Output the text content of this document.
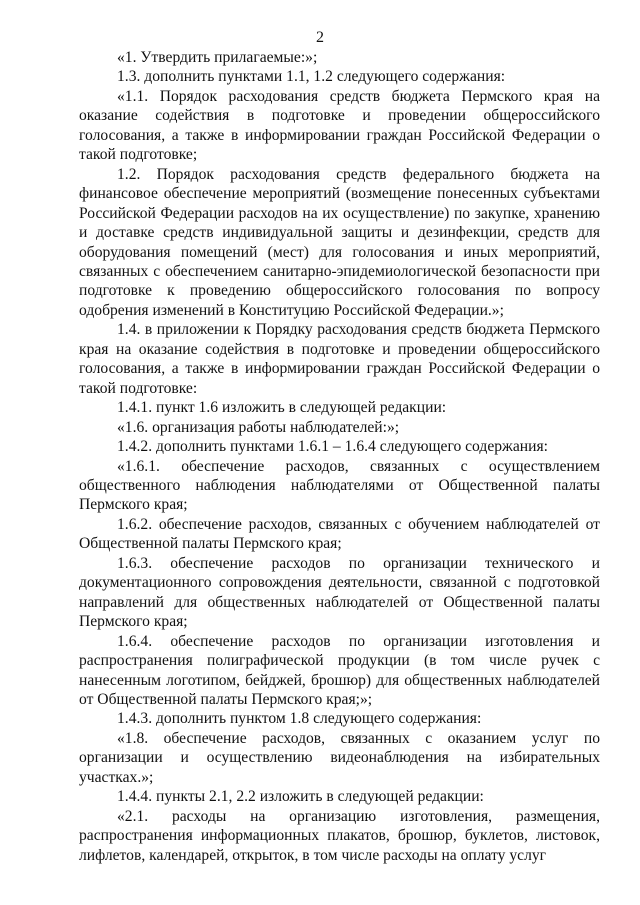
2

«1. Утвердить прилагаемые:»;

1.3. дополнить пунктами 1.1, 1.2 следующего содержания:

«1.1. Порядок расходования средств бюджета Пермского края на оказание содействия в подготовке и проведении общероссийского голосования, а также в информировании граждан Российской Федерации о такой подготовке;

1.2. Порядок расходования средств федерального бюджета на финансовое обеспечение мероприятий (возмещение понесенных субъектами Российской Федерации расходов на их осуществление) по закупке, хранению и доставке средств индивидуальной защиты и дезинфекции, средств для оборудования помещений (мест) для голосования и иных мероприятий, связанных с обеспечением санитарно-эпидемиологической безопасности при подготовке к проведению общероссийского голосования по вопросу одобрения изменений в Конституцию Российской Федерации.»;

1.4. в приложении к Порядку расходования средств бюджета Пермского края на оказание содействия в подготовке и проведении общероссийского голосования, а также в информировании граждан Российской Федерации о такой подготовке:

1.4.1. пункт 1.6 изложить в следующей редакции:

«1.6. организация работы наблюдателей:»;

1.4.2. дополнить пунктами 1.6.1 – 1.6.4 следующего содержания:

«1.6.1. обеспечение расходов, связанных с осуществлением общественного наблюдения наблюдателями от Общественной палаты Пермского края;

1.6.2. обеспечение расходов, связанных с обучением наблюдателей от Общественной палаты Пермского края;

1.6.3. обеспечение расходов по организации технического и документационного сопровождения деятельности, связанной с подготовкой направлений для общественных наблюдателей от Общественной палаты Пермского края;

1.6.4. обеспечение расходов по организации изготовления и распространения полиграфической продукции (в том числе ручек с нанесенным логотипом, бейджей, брошюр) для общественных наблюдателей от Общественной палаты Пермского края;»;

1.4.3. дополнить пунктом 1.8 следующего содержания:

«1.8. обеспечение расходов, связанных с оказанием услуг по организации и осуществлению видеонаблюдения на избирательных участках.»;

1.4.4. пункты 2.1, 2.2 изложить в следующей редакции:

«2.1. расходы на организацию изготовления, размещения, распространения информационных плакатов, брошюр, буклетов, листовок, лифлетов, календарей, открыток, в том числе расходы на оплату услуг
